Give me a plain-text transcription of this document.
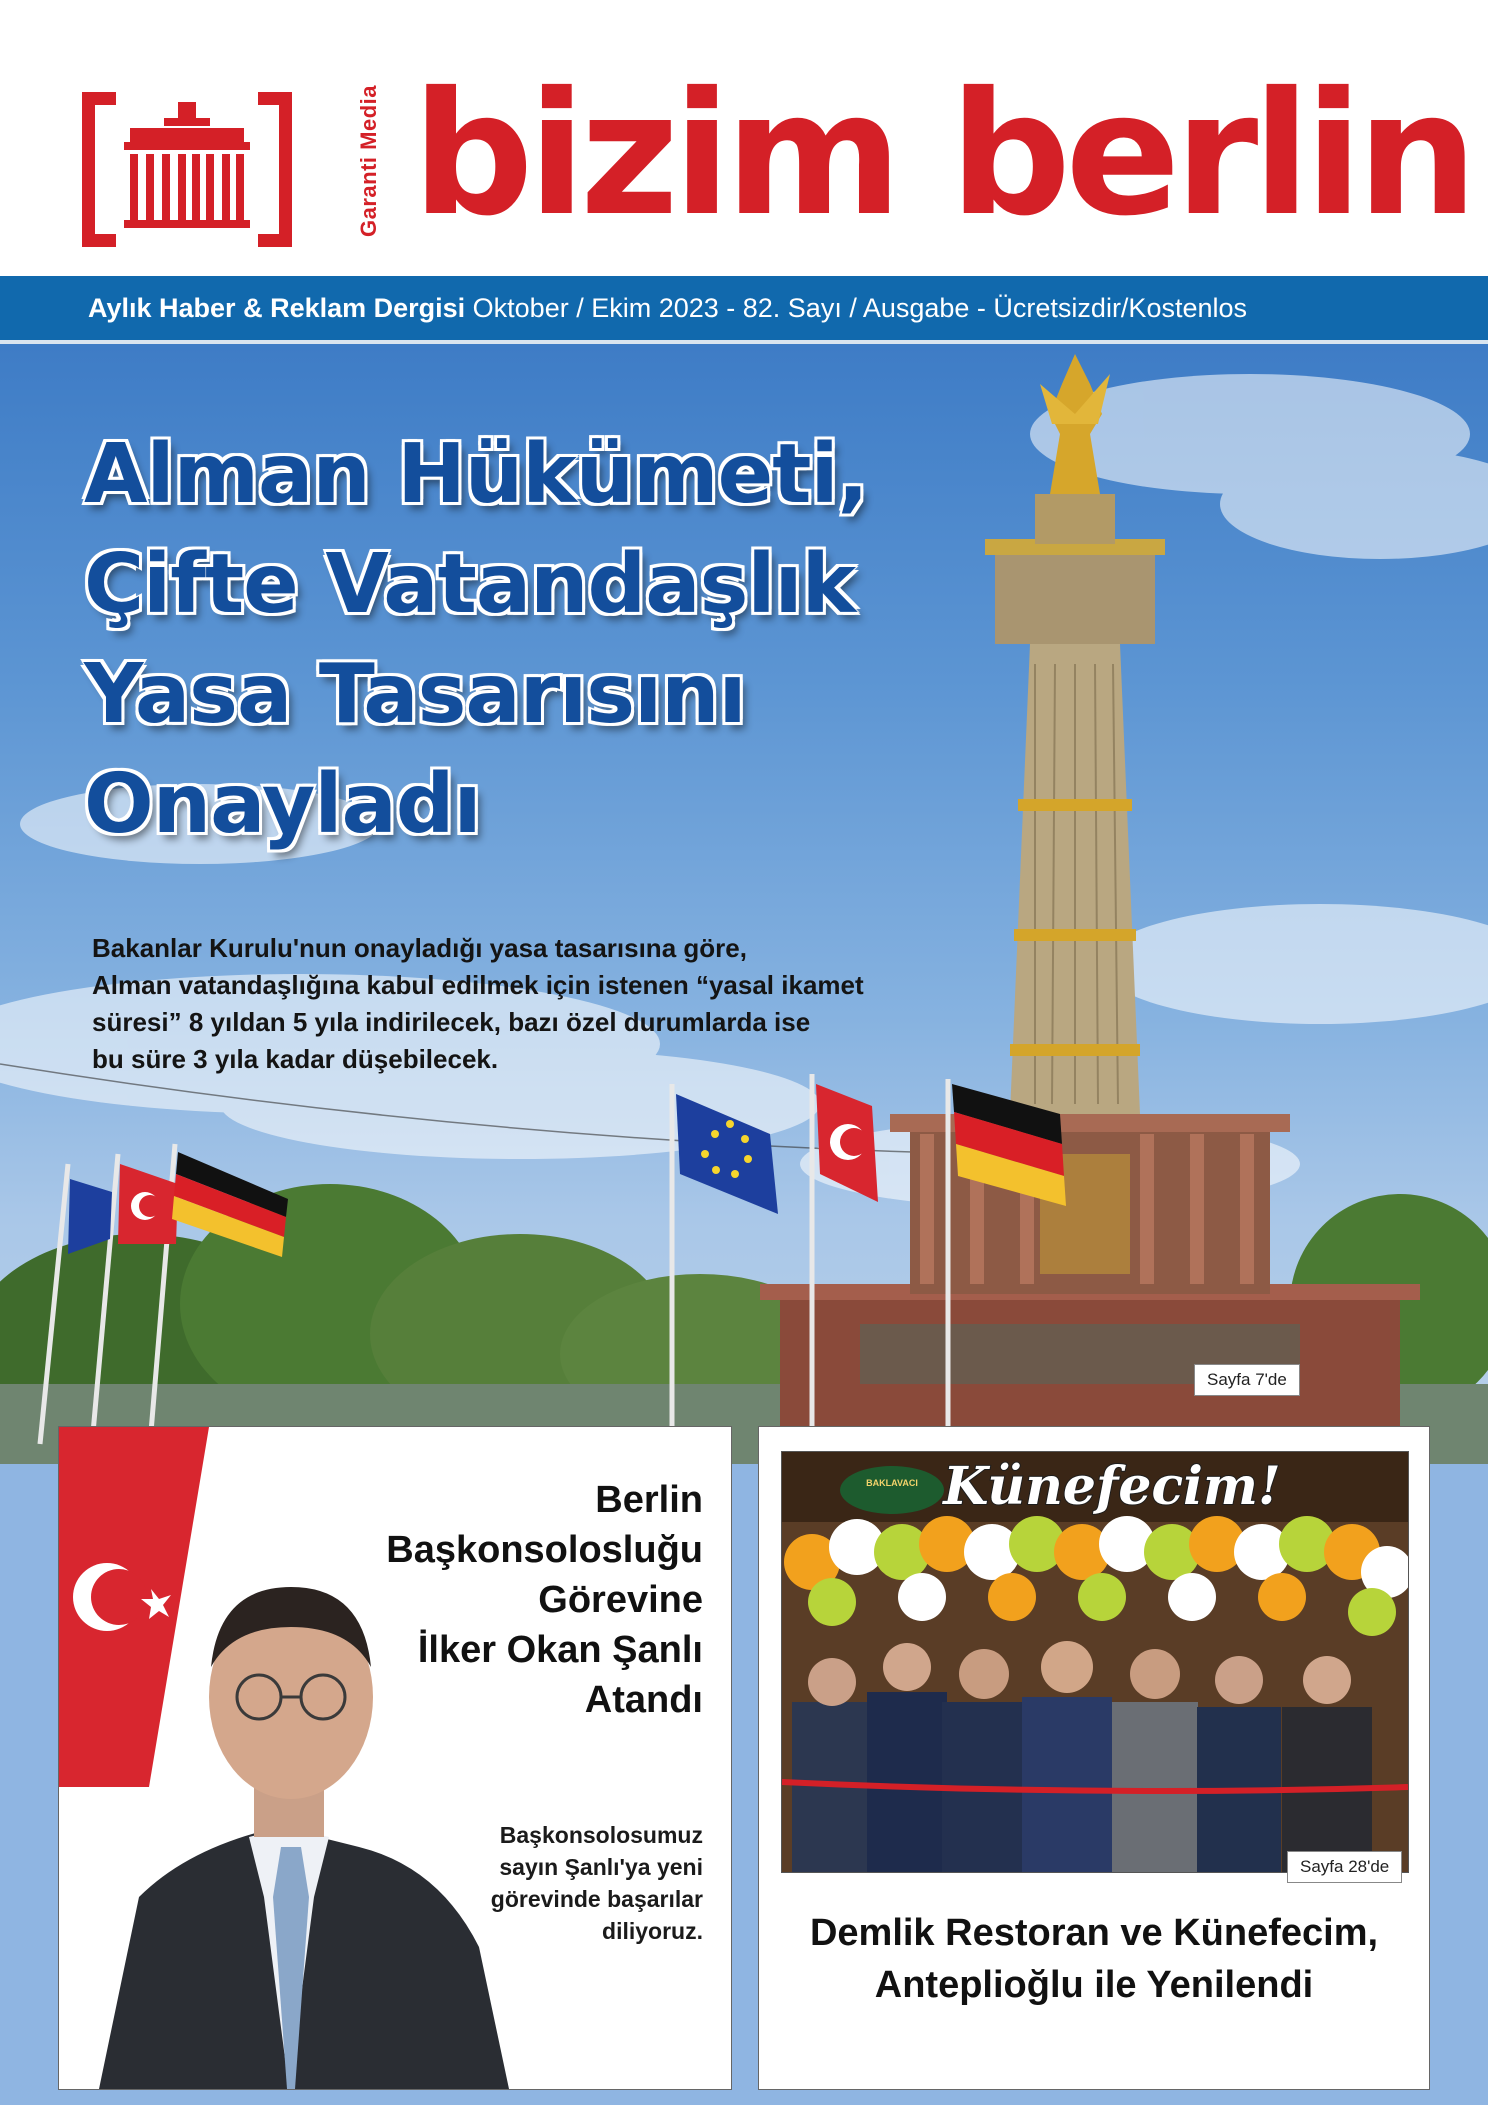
Garanti Media bizim berlin
Aylık Haber & Reklam Dergisi Oktober / Ekim 2023 - 82. Sayı / Ausgabe - Ücretsizdir/Kostenlos
Alman Hükümeti,
Çifte Vatandaşlık
Yasa Tasarısını
Onayladı

Bakanlar Kurulu'nun onayladığı yasa tasarısına göre,
Alman vatandaşlığına kabul edilmek için istenen “yasal ikamet
süresi” 8 yıldan 5 yıla indirilecek, bazı özel durumlarda ise
bu süre 3 yıla kadar düşebilecek.

Sayfa 7'de
Berlin
Başkonsolosluğu
Görevine
İlker Okan Şanlı
Atandı

Başkonsolosumuz
sayın Şanlı'ya yeni
görevinde başarılar
diliyoruz.

BAKLAVACI Künefecim!
Sayfa 28'de
Demlik Restoran ve Künefecim,
Anteplioğlu ile Yenilendi
